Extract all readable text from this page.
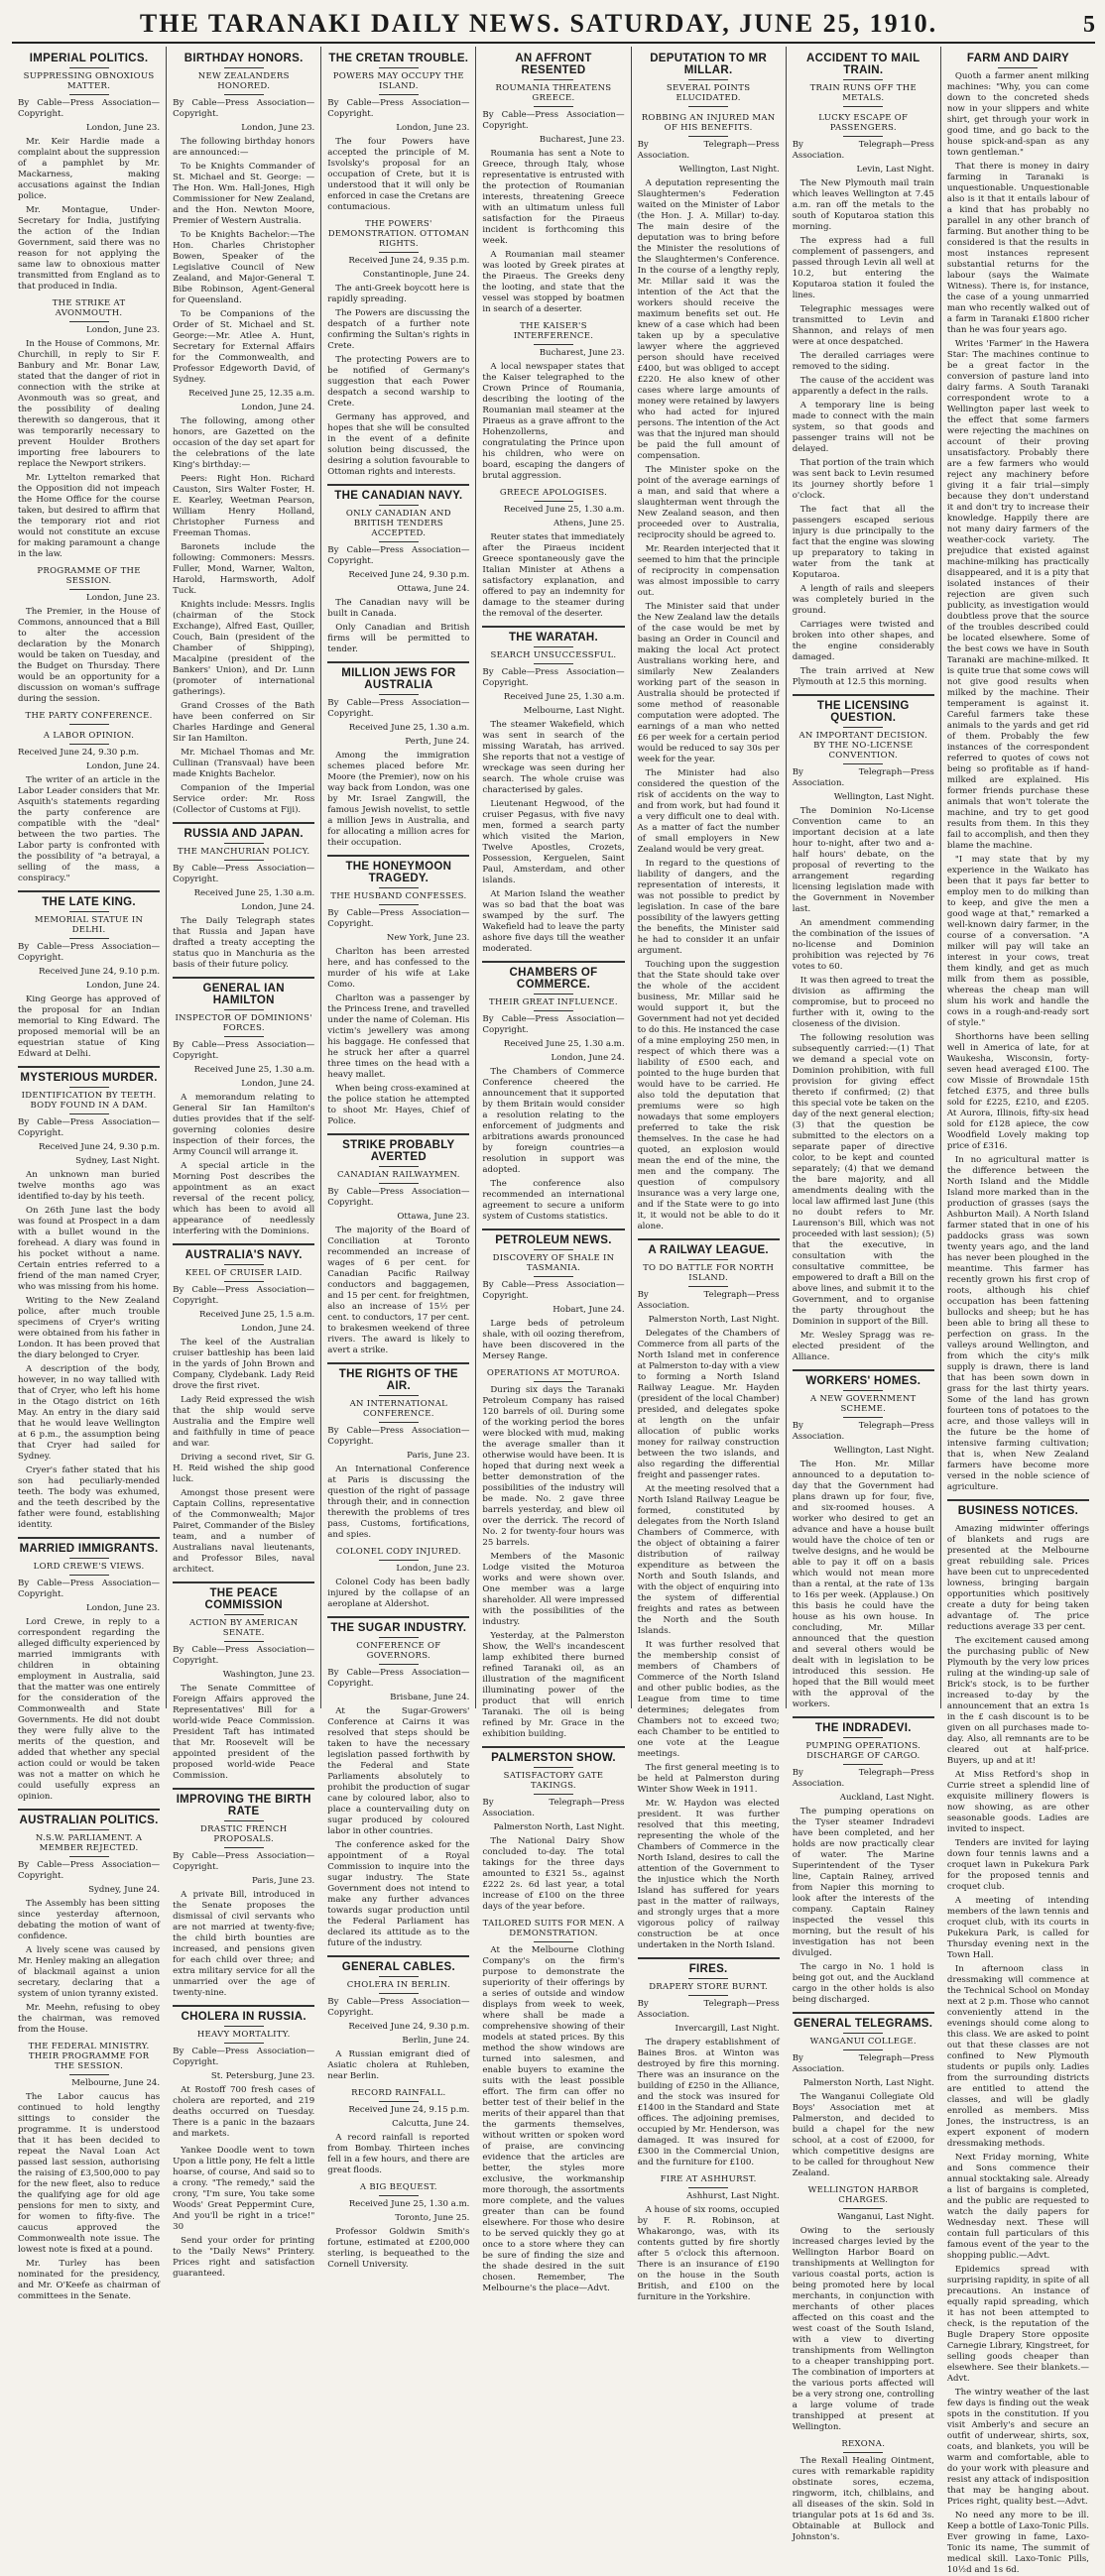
THE TARANAKI DAILY NEWS. SATURDAY, JUNE 25, 1910.	5
IMPERIAL POLITICS.
SUPPRESSING OBNOXIOUS MATTER.

By Cable—Press Association—Copyright.

London, June 23.

Mr. Keir Hardie made a complaint about the suppression of a pamphlet by Mr. Mackarness, making accusations against the Indian police.

Mr. Montague, Under-Secretary for India, justifying the action of the Indian Government, said there was no reason for not applying the same law to obnoxious matter transmitted from England as to that produced in India.

THE STRIKE AT AVONMOUTH.

London, June 23.

In the House of Commons, Mr. Churchill, in reply to Sir F. Banbury and Mr. Bonar Law, stated that the danger of riot in connection with the strike at Avonmouth was so great, and the possibility of dealing therewith so dangerous, that it was temporarily necessary to prevent Houlder Brothers importing free labourers to replace the Newport strikers.

Mr. Lyttelton remarked that the Opposition did not impeach the Home Office for the course taken, but desired to affirm that the temporary riot and riot would not constitute an excuse for making paramount a change in the law.

PROGRAMME OF THE SESSION.

London, June 23.

The Premier, in the House of Commons, announced that a Bill to alter the accession declaration by the Monarch would be taken on Tuesday, and the Budget on Thursday. There would be an opportunity for a discussion on woman's suffrage during the session.

THE PARTY CONFERENCE.
A LABOR OPINION.

Received June 24, 9.30 p.m.

London, June 24.

The writer of an article in the Labor Leader considers that Mr. Asquith's statements regarding the party conference are compatible with the "deal" between the two parties. The Labor party is confronted with the possibility of "a betrayal, a selling of the mass, a conspiracy."

THE LATE KING.
MEMORIAL STATUE IN DELHI.

By Cable—Press Association—Copyright.

Received June 24, 9.10 p.m.

London, June 24.

King George has approved of the proposal for an Indian memorial to King Edward. The proposed memorial will be an equestrian statue of King Edward at Delhi.

MYSTERIOUS MURDER.
IDENTIFICATION BY TEETH. BODY FOUND IN A DAM.

By Cable—Press Association—Copyright.

Received June 24, 9.30 p.m.

Sydney, Last Night.

An unknown man buried twelve months ago was identified to-day by his teeth.

On 26th June last the body was found at Prospect in a dam with a bullet wound in the forehead. A diary was found in his pocket without a name. Certain entries referred to a friend of the man named Cryer, who was missing from his home.

Writing to the New Zealand police, after much trouble specimens of Cryer's writing were obtained from his father in London. It has been proved that the diary belonged to Cryer.

A description of the body, however, in no way tallied with that of Cryer, who left his home in the Otago district on 16th May. An entry in the diary said that he would leave Wellington at 6 p.m., the assumption being that Cryer had sailed for Sydney.

Cryer's father stated that his son had peculiarly-mended teeth. The body was exhumed, and the teeth described by the father were found, establishing identity.

MARRIED IMMIGRANTS.
LORD CREWE'S VIEWS.

By Cable—Press Association—Copyright.

London, June 23.

Lord Crewe, in reply to a correspondent regarding the alleged difficulty experienced by married immigrants with children in obtaining employment in Australia, said that the matter was one entirely for the consideration of the Commonwealth and State Governments. He did not doubt they were fully alive to the merits of the question, and added that whether any special action could or would be taken was not a matter on which he could usefully express an opinion.

AUSTRALIAN POLITICS.
N.S.W. PARLIAMENT. A MEMBER REJECTED.

By Cable—Press Association—Copyright.

Sydney, June 24.

The Assembly has been sitting since yesterday afternoon, debating the motion of want of confidence.

A lively scene was caused by Mr. Henley making an allegation of blackmail against a union secretary, declaring that a system of union tyranny existed.

Mr. Meehn, refusing to obey the chairman, was removed from the House.

THE FEDERAL MINISTRY. THEIR PROGRAMME FOR THE SESSION.

Melbourne, June 24.

The Labor caucus has continued to hold lengthy sittings to consider the programme. It is understood that it has been decided to repeat the Naval Loan Act passed last session, authorising the raising of £3,500,000 to pay for the new fleet, also to reduce the qualifying age for old age pensions for men to sixty, and for women to fifty-five. The caucus approved the Commonwealth note issue. The lowest note is fixed at a pound.

Mr. Turley has been nominated for the presidency, and Mr. O'Keefe as chairman of committees in the Senate.

BIRTHDAY HONORS.
NEW ZEALANDERS HONORED.

By Cable—Press Association—Copyright.

London, June 23.

The following birthday honors are announced:—

To be Knights Commander of St. Michael and St. George: — The Hon. Wm. Hall-Jones, High Commissioner for New Zealand, and the Hon. Newton Moore, Premier of Western Australia.

To be Knights Bachelor:—The Hon. Charles Christopher Bowen, Speaker of the Legislative Council of New Zealand, and Major-General T. Bibe Robinson, Agent-General for Queensland.

To be Companions of the Order of St. Michael and St. George:—Mr. Atlee A. Hunt, Secretary for External Affairs for the Commonwealth, and Professor Edgeworth David, of Sydney.

Received June 25, 12.35 a.m.

London, June 24.

The following, among other honors, are Gazetted on the occasion of the day set apart for the celebrations of the late King's birthday:—

Peers: Right Hon. Richard Causton, Sirs Walter Foster, H. E. Kearley, Weetman Pearson, William Henry Holland, Christopher Furness and Freeman Thomas.

Baronets include the following: Commoners: Messrs. Fuller, Mond, Warner, Walton, Harold, Harmsworth, Adolf Tuck.

Knights include: Messrs. Inglis (chairman of the Stock Exchange), Alfred East, Quiller, Couch, Bain (president of the Chamber of Shipping), Macalpine (president of the Bankers' Union), and Dr. Lunn (promoter of international gatherings).

Grand Crosses of the Bath have been conferred on Sir Charles Hardinge and General Sir Ian Hamilton.

Mr. Michael Thomas and Mr. Cullinan (Transvaal) have been made Knights Bachelor.

Companion of the Imperial Service order: Mr. Ross (Collector of Customs at Fiji).

RUSSIA AND JAPAN.
THE MANCHURIAN POLICY.

By Cable—Press Association—Copyright.

Received June 25, 1.30 a.m.

London, June 24.

The Daily Telegraph states that Russia and Japan have drafted a treaty accepting the status quo in Manchuria as the basis of their future policy.

GENERAL IAN HAMILTON
INSPECTOR OF DOMINIONS' FORCES.

By Cable—Press Association—Copyright.

Received June 25, 1.30 a.m.

London, June 24.

A memorandum relating to General Sir Ian Hamilton's duties provides that if the self-governing colonies desire inspection of their forces, the Army Council will arrange it.

A special article in the Morning Post describes the appointment as an exact reversal of the recent policy, which has been to avoid all appearance of needlessly interfering with the Dominions.

AUSTRALIA'S NAVY.
KEEL OF CRUISER LAID.

By Cable—Press Association—Copyright.

Received June 25, 1.5 a.m.

London, June 24.

The keel of the Australian cruiser battleship has been laid in the yards of John Brown and Company, Clydebank. Lady Reid drove the first rivet.

Lady Reid expressed the wish that the ship would serve Australia and the Empire well and faithfully in time of peace and war.

Driving a second rivet, Sir G. H. Reid wished the ship good luck.

Amongst those present were Captain Collins, representative of the Commonwealth; Major Pairet, Commander of the Bisley team, and a number of Australians naval lieutenants, and Professor Biles, naval architect.

THE PEACE COMMISSION
ACTION BY AMERICAN SENATE.

By Cable—Press Association—Copyright.

Washington, June 23.

The Senate Committee of Foreign Affairs approved the Representatives' Bill for a world-wide Peace Commission. President Taft has intimated that Mr. Roosevelt will be appointed president of the proposed world-wide Peace Commission.

IMPROVING THE BIRTH RATE
DRASTIC FRENCH PROPOSALS.

By Cable—Press Association—Copyright.

Paris, June 23.

A private Bill, introduced in the Senate proposes the dismissal of civil servants who are not married at twenty-five; the child birth bounties are increased, and pensions given for each child over three; and extra military service for all the unmarried over the age of twenty-nine.

CHOLERA IN RUSSIA.
HEAVY MORTALITY.

By Cable—Press Association—Copyright.

St. Petersburg, June 23.

At Rostoff 700 fresh cases of cholera are reported, and 219 deaths occurred on Tuesday. There is a panic in the bazaars and markets.

Yankee Doodle went to town Upon a little pony, He felt a little hoarse, of course, And said so to a crony. "The remedy," said the crony, "I'm sure, You take some Woods' Great Peppermint Cure, And you'll be right in a trice!" 30

Send your order for printing to the "Daily News" Printery. Prices right and satisfaction guaranteed.

THE CRETAN TROUBLE.
POWERS MAY OCCUPY THE ISLAND.

By Cable—Press Association—Copyright.

London, June 23.

The four Powers have accepted the principle of M. Isvolsky's proposal for an occupation of Crete, but it is understood that it will only be enforced in case the Cretans are contumacious.

THE POWERS' DEMONSTRATION. OTTOMAN RIGHTS.

Received June 24, 9.35 p.m.

Constantinople, June 24.

The anti-Greek boycott here is rapidly spreading.

The Powers are discussing the despatch of a further note confirming the Sultan's rights in Crete.

The protecting Powers are to be notified of Germany's suggestion that each Power despatch a second warship to Crete.

Germany has approved, and hopes that she will be consulted in the event of a definite solution being discussed, the desiring a solution favourable to Ottoman rights and interests.

THE CANADIAN NAVY.
ONLY CANADIAN AND BRITISH TENDERS ACCEPTED.

By Cable—Press Association—Copyright.

Received June 24, 9.30 p.m.

Ottawa, June 24.

The Canadian navy will be built in Canada.

Only Canadian and British firms will be permitted to tender.

MILLION JEWS FOR AUSTRALIA

By Cable—Press Association—Copyright.

Received June 25, 1.30 a.m.

Perth, June 24.

Among the immigration schemes placed before Mr. Moore (the Premier), now on his way back from London, was one by Mr. Israel Zangwill, the famous Jewish novelist, to settle a million Jews in Australia, and for allocating a million acres for their occupation.

THE HONEYMOON TRAGEDY.
THE HUSBAND CONFESSES.

By Cable—Press Association—Copyright.

New York, June 23.

Charlton has been arrested here, and has confessed to the murder of his wife at Lake Como.

Charlton was a passenger by the Princess Irene, and travelled under the name of Coleman. His victim's jewellery was among his baggage. He confessed that he struck her after a quarrel three times on the head with a heavy mallet.

When being cross-examined at the police station he attempted to shoot Mr. Hayes, Chief of Police.

STRIKE PROBABLY AVERTED
CANADIAN RAILWAYMEN.

By Cable—Press Association—Copyright.

Ottawa, June 23.

The majority of the Board of Conciliation at Toronto recommended an increase of wages of 6 per cent. for Canadian Pacific Railway conductors and baggagemen, and 15 per cent. for freightmen, also an increase of 15½ per cent. to conductors, 17 per cent. to brakesmen weekend of three rivers. The award is likely to avert a strike.

THE RIGHTS OF THE AIR.
AN INTERNATIONAL CONFERENCE.

By Cable—Press Association—Copyright.

Paris, June 23.

An International Conference at Paris is discussing the question of the right of passage through their, and in connection therewith the problems of tres pass, Customs, fortifications, and spies.

COLONEL CODY INJURED.

London, June 23.

Colonel Cody has been badly injured by the collapse of an aeroplane at Aldershot.

THE SUGAR INDUSTRY.
CONFERENCE OF GOVERNORS.

By Cable—Press Association—Copyright.

Brisbane, June 24.

At the Sugar-Growers' Conference at Cairns it was resolved that steps should be taken to have the necessary legislation passed forthwith by the Federal and State Parliaments absolutely to prohibit the production of sugar cane by coloured labor, also to place a countervailing duty on sugar produced by coloured labor in other countries.

The conference asked for the appointment of a Royal Commission to inquire into the sugar industry. The State Government does not intend to make any further advances towards sugar production until the Federal Parliament has declared its attitude as to the future of the industry.

GENERAL CABLES.
CHOLERA IN BERLIN.

By Cable—Press Association—Copyright.

Received June 24, 9.30 p.m.

Berlin, June 24.

A Russian emigrant died of Asiatic cholera at Ruhleben, near Berlin.

RECORD RAINFALL.

Received June 24, 9.15 p.m.

Calcutta, June 24.

A record rainfall is reported from Bombay. Thirteen inches fell in a few hours, and there are great floods.

A BIG BEQUEST.

Received June 25, 1.30 a.m.

Toronto, June 25.

Professor Goldwin Smith's fortune, estimated at £200,000 sterling, is bequeathed to the Cornell University.

AN AFFRONT RESENTED
ROUMANIA THREATENS GREECE.

By Cable—Press Association—Copyright.

Bucharest, June 23.

Roumania has sent a Note to Greece, through Italy, whose representative is entrusted with the protection of Roumanian interests, threatening Greece with an ultimatum unless full satisfaction for the Piraeus incident is forthcoming this week.

A Roumanian mail steamer was looted by Greek pirates at the Piraeus. The Greeks deny the looting, and state that the vessel was stopped by boatmen in search of a deserter.

THE KAISER'S INTERFERENCE.

Bucharest, June 23.

A local newspaper states that the Kaiser telegraphed to the Crown Prince of Roumania, describing the looting of the Roumanian mail steamer at the Piraeus as a grave affront to the Hohenzollerns, and congratulating the Prince upon his children, who were on board, escaping the dangers of brutal aggression.

GREECE APOLOGISES.

Received June 25, 1.30 a.m.

Athens, June 25.

Reuter states that immediately after the Piraeus incident Greece spontaneously gave the Italian Minister at Athens a satisfactory explanation, and offered to pay an indemnity for damage to the steamer during the removal of the deserter.

THE WARATAH.
SEARCH UNSUCCESSFUL.

By Cable—Press Association—Copyright.

Received June 25, 1.30 a.m.

Melbourne, Last Night.

The steamer Wakefield, which was sent in search of the missing Waratah, has arrived. She reports that not a vestige of wreckage was seen during her search. The whole cruise was characterised by gales.

Lieutenant Hegwood, of the cruiser Pegasus, with five navy men, formed a search party which visited the Marion, Twelve Apostles, Crozets, Possession, Kerguelen, Saint Paul, Amsterdam, and other islands.

At Marion Island the weather was so bad that the boat was swamped by the surf. The Wakefield had to leave the party ashore five days till the weather moderated.

CHAMBERS OF COMMERCE.
THEIR GREAT INFLUENCE.

By Cable—Press Association—Copyright.

Received June 25, 1.30 a.m.

London, June 24.

The Chambers of Commerce Conference cheered the announcement that it supported by them Britain would consider a resolution relating to the enforcement of judgments and arbitrations awards pronounced by foreign countries—a resolution in support was adopted.

The conference also recommended an international agreement to secure a uniform system of Customs statistics.

PETROLEUM NEWS.
DISCOVERY OF SHALE IN TASMANIA.

By Cable—Press Association—Copyright.

Hobart, June 24.

Large beds of petroleum shale, with oil oozing therefrom, have been discovered in the Mersey Range.

OPERATIONS AT MOTUROA.

During six days the Taranaki Petroleum Company has raised 120 barrels of oil. During some of the working period the bores were blocked with mud, making the average smaller than it otherwise would have been. It is hoped that during next week a better demonstration of the possibilities of the industry will be made. No. 2 gave three barrels yesterday, and blew oil over the derrick. The record of No. 2 for twenty-four hours was 25 barrels.

Members of the Masonic Lodge visited the Moturoa works and were shown over. One member was a large shareholder. All were impressed with the possibilities of the industry.

Yesterday, at the Palmerston Show, the Well's incandescent lamp exhibited there burned refined Taranaki oil, as an illustration of the magnificent illuminating power of the product that will enrich Taranaki. The oil is being refined by Mr. Grace in the exhibition building.

PALMERSTON SHOW.
SATISFACTORY GATE TAKINGS.

By Telegraph—Press Association.

Palmerston North, Last Night.

The National Dairy Show concluded to-day. The total takings for the three days amounted to £321 5s., against £222 2s. 6d last year, a total increase of £100 on the three days of the year before.

TAILORED SUITS FOR MEN. A DEMONSTRATION.

At the Melbourne Clothing Company's on the firm's purpose to demonstrate the superiority of their offerings by a series of outside and window displays from week to week, where shall be made a comprehensive showing of their models at stated prices. By this method the show windows are turned into salesmen, and enable buyers to examine the suits with the least possible effort. The firm can offer no better test of their belief in the merits of their apparel than that the garments themselves, without written or spoken word of praise, are convincing evidence that the articles are better, the styles more exclusive, the workmanship more thorough, the assortments more complete, and the values greater than can be found elsewhere. For those who desire to be served quickly they go at once to a store where they can be sure of finding the size and the shade desired in the suit chosen. Remember, The Melbourne's the place—Advt.

DEPUTATION TO MR MILLAR.
SEVERAL POINTS ELUCIDATED.
ROBBING AN INJURED MAN OF HIS BENEFITS.

By Telegraph—Press Association.

Wellington, Last Night.

A deputation representing the Slaughtermen's Federation waited on the Minister of Labor (the Hon. J. A. Millar) to-day. The main desire of the deputation was to bring before the Minister the resolutions of the Slaughtermen's Conference. In the course of a lengthy reply, Mr. Millar said it was the intention of the Act that the workers should receive the maximum benefits set out. He knew of a case which had been taken up by a speculative lawyer where the aggrieved person should have received £400, but was obliged to accept £220. He also knew of other cases where large amounts of money were retained by lawyers who had acted for injured persons. The intention of the Act was that the injured man should be paid the full amount of compensation.

The Minister spoke on the point of the average earnings of a man, and said that where a slaughterman went through the New Zealand season, and then proceeded over to Australia, reciprocity should be agreed to.

Mr. Rearden interjected that it seemed to him that the principle of reciprocity in compensation was almost impossible to carry out.

The Minister said that under the New Zealand law the details of the case would be met by basing an Order in Council and making the local Act protect Australians working here, and similarly New Zealanders working part of the season in Australia should be protected if some method of reasonable computation were adopted. The earnings of a man who netted £6 per week for a certain period would be reduced to say 30s per week for the year.

The Minister had also considered the question of the risk of accidents on the way to and from work, but had found it a very difficult one to deal with. As a matter of fact the number of small employers in New Zealand would be very great.

In regard to the questions of liability of dangers, and the representation of interests, it was not possible to predict by legislation. In case of the bare possibility of the lawyers getting the benefits, the Minister said he had to consider it an unfair argument.

Touching upon the suggestion that the State should take over the whole of the accident business, Mr. Millar said he would support it, but the Government had not yet decided to do this. He instanced the case of a mine employing 250 men, in respect of which there was a liability of £500 each, and pointed to the huge burden that would have to be carried. He also told the deputation that premiums were so high nowadays that some employers preferred to take the risk themselves. In the case he had quoted, an explosion would mean the end of the mine, the men and the company. The question of compulsory insurance was a very large one, and if the State were to go into it, it would not be able to do it alone.

A RAILWAY LEAGUE.
TO DO BATTLE FOR NORTH ISLAND.

By Telegraph—Press Association.

Palmerston North, Last Night.

Delegates of the Chambers of Commerce from all parts of the North Island met in conference at Palmerston to-day with a view to forming a North Island Railway League. Mr. Hayden (president of the local Chamber) presided, and delegates spoke at length on the unfair allocation of public works money for railway construction between the two islands, and also regarding the differential freight and passenger rates.

At the meeting resolved that a North Island Railway League be formed, constituted by delegates from the North Island Chambers of Commerce, with the object of obtaining a fairer distribution of railway expenditure as between the North and South Islands, and with the object of enquiring into the system of differential freights and rates as between the North and the South Islands.

It was further resolved that the membership consist of members of Chambers of Commerce of the North Island and other public bodies, as the League from time to time determines; delegates from Chambers not to exceed two; each Chamber to be entitled to one vote at the League meetings.

The first general meeting is to be held at Palmerston during Winter Show Week in 1911.

Mr. W. Haydon was elected president. It was further resolved that this meeting, representing the whole of the Chambers of Commerce in the North Island, desires to call the attention of the Government to the injustice which the North Island has suffered for years past in the matter of railways, and strongly urges that a more vigorous policy of railway construction be at once undertaken in the North Island.

FIRES.
DRAPERY STORE BURNT.

By Telegraph—Press Association.

Invercargill, Last Night.

The drapery establishment of Baines Bros. at Winton was destroyed by fire this morning. There was an insurance on the building of £250 in the Alliance, and the stock was insured for £1400 in the Standard and State offices. The adjoining premises, occupied by Mr. Henderson, was damaged. It was insured for £300 in the Commercial Union, and the furniture for £100.

FIRE AT ASHHURST.

Ashhurst, Last Night.

A house of six rooms, occupied by F. R. Robinson, at Whakarongo, was, with its contents gutted by fire shortly after 5 o'clock this afternoon. There is an insurance of £190 on the house in the South British, and £100 on the furniture in the Yorkshire.

ACCIDENT TO MAIL TRAIN.
TRAIN RUNS OFF THE METALS.
LUCKY ESCAPE OF PASSENGERS.

By Telegraph—Press Association.

Levin, Last Night.

The New Plymouth mail train which leaves Wellington at 7.45 a.m. ran off the metals to the south of Koputaroa station this morning.

The express had a full complement of passengers, and passed through Levin all well at 10.2, but entering the Koputaroa station it fouled the lines.

Telegraphic messages were transmitted to Levin and Shannon, and relays of men were at once despatched.

The derailed carriages were removed to the siding.

The cause of the accident was apparently a defect in the rails.

A temporary line is being made to connect with the main system, so that goods and passenger trains will not be delayed.

That portion of the train which was sent back to Levin resumed its journey shortly before 1 o'clock.

The fact that all the passengers escaped serious injury is due principally to the fact that the engine was slowing up preparatory to taking in water from the tank at Koputaroa.

A length of rails and sleepers was completely buried in the ground.

Carriages were twisted and broken into other shapes, and the engine considerably damaged.

The train arrived at New Plymouth at 12.5 this morning.

THE LICENSING QUESTION.
AN IMPORTANT DECISION. BY THE NO-LICENSE CONVENTION.

By Telegraph—Press Association.

Wellington, Last Night.

The Dominion No-License Convention came to an important decision at a late hour to-night, after two and a-half hours' debate, on the proposal of reverting to the arrangement regarding licensing legislation made with the Government in November last.

An amendment commending the combination of the issues of no-license and Dominion prohibition was rejected by 76 votes to 60.

It was then agreed to treat the division as affirming the compromise, but to proceed no further with it, owing to the closeness of the division.

The following resolution was subsequently carried:—(1) That we demand a special vote on Dominion prohibition, with full provision for giving effect thereto if confirmed; (2) that this special vote be taken on the day of the next general election; (3) that the question be submitted to the electors on a separate paper of directive color, to be kept and counted separately; (4) that we demand the bare majority, and all amendments dealing with the local law affirmed last June (this no doubt refers to Mr. Laurenson's Bill, which was not proceeded with last session); (5) that the executive, in consultation with the consultative committee, be empowered to draft a Bill on the above lines, and submit it to the Government, and to organise the party throughout the Dominion in support of the Bill.

Mr. Wesley Spragg was re-elected president of the Alliance.

WORKERS' HOMES.
A NEW GOVERNMENT SCHEME.

By Telegraph—Press Association.

Wellington, Last Night.

The Hon. Mr. Millar announced to a deputation to-day that the Government had plans drawn up for four, five, and six-roomed houses. A worker who desired to get an advance and have a house built would have the choice of ten or twelve designs, and he would be able to pay it off on a basis which would not mean more than a rental, at the rate of 13s to 16s per week. (Applause.) On this basis he could have the house as his own house. In concluding, Mr. Millar announced that the question and several others would be dealt with in legislation to be introduced this session. He hoped that the Bill would meet with the approval of the workers.

THE INDRADEVI.
PUMPING OPERATIONS. DISCHARGE OF CARGO.

By Telegraph—Press Association.

Auckland, Last Night.

The pumping operations on the Tyser steamer Indradevi have been completed, and her holds are now practically clear of water. The Marine Superintendent of the Tyser line, Captain Rainey, arrived from Napier this morning to look after the interests of the company. Captain Rainey inspected the vessel this morning, but the result of his investigation has not been divulged.

The cargo in No. 1 hold is being got out, and the Auckland cargo in the other holds is also being discharged.

GENERAL TELEGRAMS.
WANGANUI COLLEGE.

By Telegraph—Press Association.

Palmerston North, Last Night.

The Wanganui Collegiate Old Boys' Association met at Palmerston, and decided to build a chapel for the new school, at a cost of £2000, for which competitive designs are to be called for throughout New Zealand.

WELLINGTON HARBOR CHARGES.

Wanganui, Last Night.

Owing to the seriously increased charges levied by the Wellington Harbor Board on transhipments at Wellington for various coastal ports, action is being promoted here by local merchants, in conjunction with merchants of other places affected on this coast and the west coast of the South Island, with a view to diverting transhipments from Wellington to a cheaper transhipping port. The combination of importers at the various ports affected will be a very strong one, controlling a large volume of trade transhipped at present at Wellington.

REXONA.

The Rexall Healing Ointment, cures with remarkable rapidity obstinate sores, eczema, ringworm, itch, chilblains, and all diseases of the skin. Sold in triangular pots at 1s 6d and 3s. Obtainable at Bullock and Johnston's.

FARM AND DAIRY

Quoth a farmer anent milking machines: "Why, you can come down to the concreted sheds now in your slippers and white shirt, get through your work in good time, and go back to the house spick-and-span as any town gentleman."

That there is money in dairy farming in Taranaki is unquestionable. Unquestionable also is it that it entails labour of a kind that has probably no parallel in any other branch of farming. But another thing to be considered is that the results in most instances represent substantial returns for the labour (says the Waimate Witness). There is, for instance, the case of a young unmarried man who recently walked out of a farm in Taranaki £1800 richer than he was four years ago.

Writes 'Farmer' in the Hawera Star: The machines continue to be a great factor in the conversion of pasture land into dairy farms. A South Taranaki correspondent wrote to a Wellington paper last week to the effect that some farmers were rejecting the machines on account of their proving unsatisfactory. Probably there are a few farmers who would reject any machinery before giving it a fair trial—simply because they don't understand it and don't try to increase their knowledge. Happily there are not many dairy farmers of the weather-cock variety. The prejudice that existed against machine-milking has practically disappeared, and it is a pity that isolated instances of their rejection are given such publicity, as investigation would doubtless prove that the source of the troubles described could be located elsewhere. Some of the best cows we have in South Taranaki are machine-milked. It is quite true that some cows will not give good results when milked by the machine. Their temperament is against it. Careful farmers take these animals to the yards and get rid of them. Probably the few instances of the correspondent referred to quotes of cows not being so profitable as if hand-milked are explained. His former friends purchase these animals that won't tolerate the machine, and try to get good results from them. In this they fail to accomplish, and then they blame the machine.

"I may state that by my experience in the Waikato has been that it pays far better to employ men to do milking than to keep, and give the men a good wage at that," remarked a well-known dairy farmer, in the course of a conversation. "A milker will pay will take an interest in your cows, treat them kindly, and get as much milk from them as possible, whereas the cheap man will slum his work and handle the cows in a rough-and-ready sort of style."

Shorthorns have been selling well in America of late, for at Waukesha, Wisconsin, forty-seven head averaged £100. The cow Missie of Browndale 15th fetched £375, and three bulls sold for £225, £210, and £205. At Aurora, Illinois, fifty-six head sold for £128 apiece, the cow Woodfield Lovely making top price of £316.

In no agricultural matter is the difference between the North Island and the Middle Island more marked than in the production of grasses (says the Ashburton Mail). A North Island farmer stated that in one of his paddocks grass was sown twenty years ago, and the land has never been ploughed in the meantime. This farmer has recently grown his first crop of roots, although his chief occupation has been fattening bullocks and sheep; but he has been able to bring all these to perfection on grass. In the valleys around Wellington, and from which the city's milk supply is drawn, there is land that has been sown down in grass for the last thirty years. Some of the land has grown fourteen tons of potatoes to the acre, and those valleys will in the future be the home of intensive farming cultivation; that is, when New Zealand farmers have become more versed in the noble science of agriculture.

BUSINESS NOTICES.

Amazing midwinter offerings of blankets and rugs are presented at the Melbourne great rebuilding sale. Prices have been cut to unprecedented lowness, bringing bargain opportunities which positively create a duty for being taken advantage of. The price reductions average 33 per cent.

The excitement caused among the purchasing public of New Plymouth by the very low prices ruling at the winding-up sale of Brick's stock, is to be further increased to-day by the announcement that an extra 1s in the £ cash discount is to be given on all purchases made to-day. Also, all remnants are to be cleared out at half-price. Buyers, up and at it!

At Miss Retford's shop in Currie street a splendid line of exquisite millinery flowers is now showing, as are other seasonable goods. Ladies are invited to inspect.

Tenders are invited for laying down four tennis lawns and a croquet lawn in Pukekura Park for the proposed tennis and croquet club.

A meeting of intending members of the lawn tennis and croquet club, with its courts in Pukekura Park, is called for Thursday evening next in the Town Hall.

In afternoon class in dressmaking will commence at the Technical School on Monday next at 2 p.m. Those who cannot conveniently attend in the evenings should come along to this class. We are asked to point out that these classes are not confined to New Plymouth students or pupils only. Ladies from the surrounding districts are entitled to attend the classes, and will be gladly enrolled as members. Miss Jones, the instructress, is an expert exponent of modern dressmaking methods.

Next Friday morning, White and Sons commence their annual stocktaking sale. Already a list of bargains is completed, and the public are requested to watch the daily papers for Wednesday next. These will contain full particulars of this famous event of the year to the shopping public.—Advt.

Epidemics spread with surprising rapidity, in spite of all precautions. An instance of equally rapid spreading, which it has not been attempted to check, is the reputation of the Bugle Drapery Store opposite Carnegie Library, Kingstreet, for selling goods cheaper than elsewhere. See their blankets.—Advt.

The wintry weather of the last few days is finding out the weak spots in the constitution. If you visit Amberly's and secure an outfit of underwear, shirts, sox, coats, and blankets, you will be warm and comfortable, able to do your work with pleasure and resist any attack of indisposition that may be hanging about. Prices right, quality best.—Advt.

No need any more to be ill. Keep a bottle of Laxo-Tonic Pills. Ever growing in fame, Laxo-Tonic its name, The summit of medical skill. Laxo-Tonic Pills, 10½d and 1s 6d.
